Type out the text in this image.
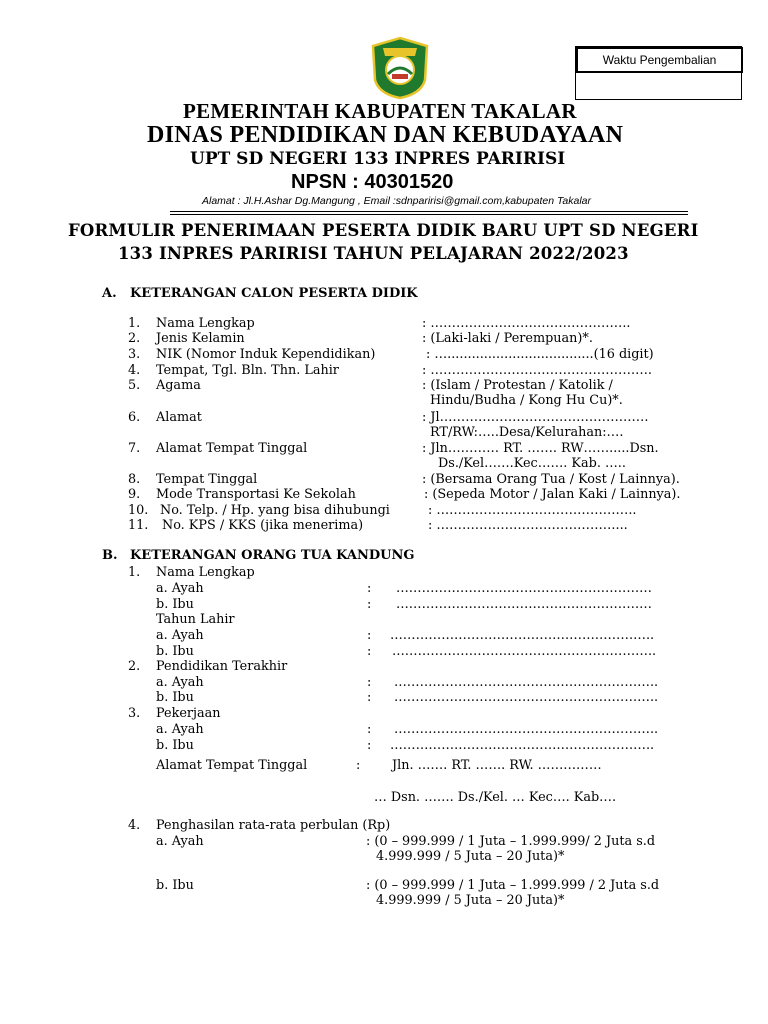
Waktu Pengembalian
PEMERINTAH KABUPATEN TAKALAR
DINAS PENDIDIKAN DAN KEBUDAYAAN
UPT SD NEGERI 133 INPRES PARIRISI
NPSN : 40301520
Alamat : Jl.H.Ashar Dg.Mangung , Email :sdnparirisi@gmail.com,kabupaten Takalar
FORMULIR PENERIMAAN PESERTA DIDIK BARU UPT SD NEGERI
133 INPRES PARIRISI TAHUN PELAJARAN 2022/2023
A. KETERANGAN CALON PESERTA DIDIK
1. Nama Lengkap	: ………………………………………..
2. Jenis Kelamin	: (Laki-laki / Perempuan)*.
3. NIK (Nomor Induk Kependidikan)	: …....................................(16 digit)
4. Tempat, Tgl. Bln. Thn. Lahir	: …………………………………………….
5. Agama	: (Islam / Protestan / Katolik /
Hindu/Budha / Kong Hu Cu)*.
6. Alamat	: Jl………………………………………….
RT/RW:…..Desa/Kelurahan:….
7. Alamat Tempat Tinggal	: Jln………… RT. ……. RW…….....Dsn.
Ds./Kel…….Kec……. Kab. …..
8. Tempat Tinggal	: (Bersama Orang Tua / Kost / Lainnya).
9. Mode Transportasi Ke Sekolah	: (Sepeda Motor / Jalan Kaki / Lainnya).
10. No. Telp. / Hp. yang bisa dihubungi	: ………………………………………..
11. No. KPS / KKS (jika menerima)	: ……………………………………...
B. KETERANGAN ORANG TUA KANDUNG
1. Nama Lengkap
a. Ayah	: ……………………………………………………
b. Ibu	: ……………………………………………………
Tahun Lahir
a. Ayah	: ……………………………………………………..
b. Ibu	: ……………………………………………………..
2. Pendidikan Terakhir
a. Ayah	: ……………………………………………………..
b. Ibu	: ……………………………………………………..
3. Pekerjaan
a. Ayah	: ……………………………………………………..
b. Ibu	: ……………………………………………………..
Alamat Tempat Tinggal	: Jln. ……. RT. ……. RW. ……………
… Dsn. ……. Ds./Kel. … Kec…. Kab….
4. Penghasilan rata-rata perbulan (Rp)
a. Ayah	: (0 – 999.999 / 1 Juta – 1.999.999/ 2 Juta s.d
4.999.999 / 5 Juta – 20 Juta)*
b. Ibu	: (0 – 999.999 / 1 Juta – 1.999.999 / 2 Juta s.d
4.999.999 / 5 Juta – 20 Juta)*
